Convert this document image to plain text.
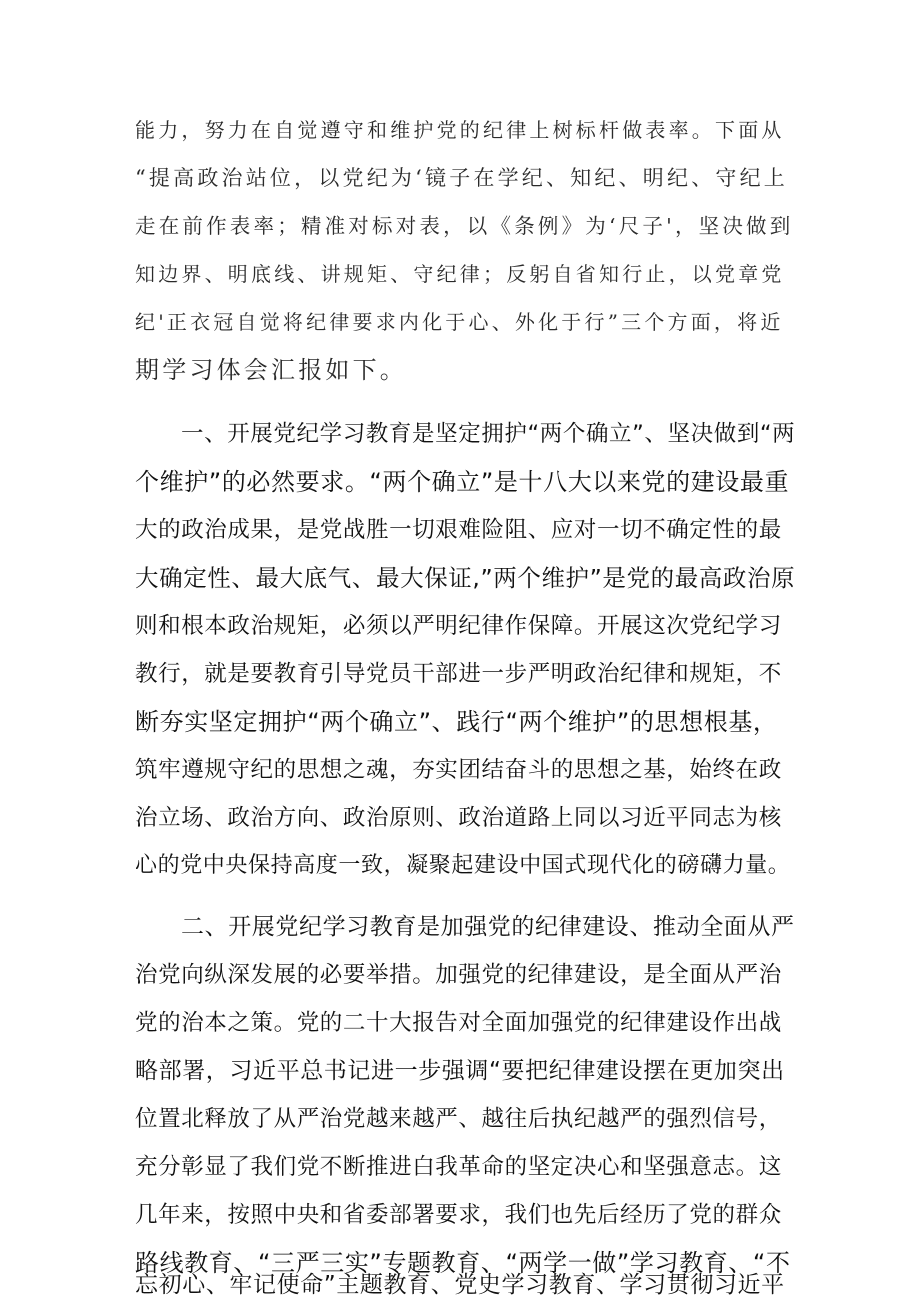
能力，努力在自觉遵守和维护党的纪律上树标杆做表率。下面从
“提高政治站位，以党纪为‘镜子在学纪、知纪、明纪、守纪上
走在前作表率；精准对标对表，以《条例》为‘尺子'，坚决做到
知边界、明底线、讲规矩、守纪律；反躬自省知行止，以党章党
纪'正衣冠自觉将纪律要求内化于心、外化于行”三个方面，将近
期学习体会汇报如下。
一、开展党纪学习教育是坚定拥护“两个确立”、坚决做到“两
个维护”的必然要求。“两个确立”是十八大以来党的建设最重
大的政治成果，是党战胜一切艰难险阻、应对一切不确定性的最
大确定性、最大底气、最大保证,”两个维护”是党的最高政治原
则和根本政治规矩，必须以严明纪律作保障。开展这次党纪学习
教行，就是要教育引导党员干部进一步严明政治纪律和规矩，不
断夯实坚定拥护“两个确立”、践行“两个维护”的思想根基，
筑牢遵规守纪的思想之魂，夯实团结奋斗的思想之基，始终在政
治立场、政治方向、政治原则、政治道路上同以习近平同志为核
心的党中央保持高度一致，凝聚起建设中国式现代化的磅礴力量。
二、开展党纪学习教育是加强党的纪律建设、推动全面从严
治党向纵深发展的必要举措。加强党的纪律建设，是全面从严治
党的治本之策。党的二十大报告对全面加强党的纪律建设作出战
略部署，习近平总书记进一步强调“要把纪律建设摆在更加突出
位置北释放了从严治党越来越严、越往后执纪越严的强烈信号，
充分彰显了我们党不断推进白我革命的坚定决心和坚强意志。这
几年来，按照中央和省委部署要求，我们也先后经历了党的群众
路线教育、“三严三实”专题教育、“两学一做”学习教育、“不
忘初心、牢记使命”主题教育、党史学习教育、学习贯彻习近平
